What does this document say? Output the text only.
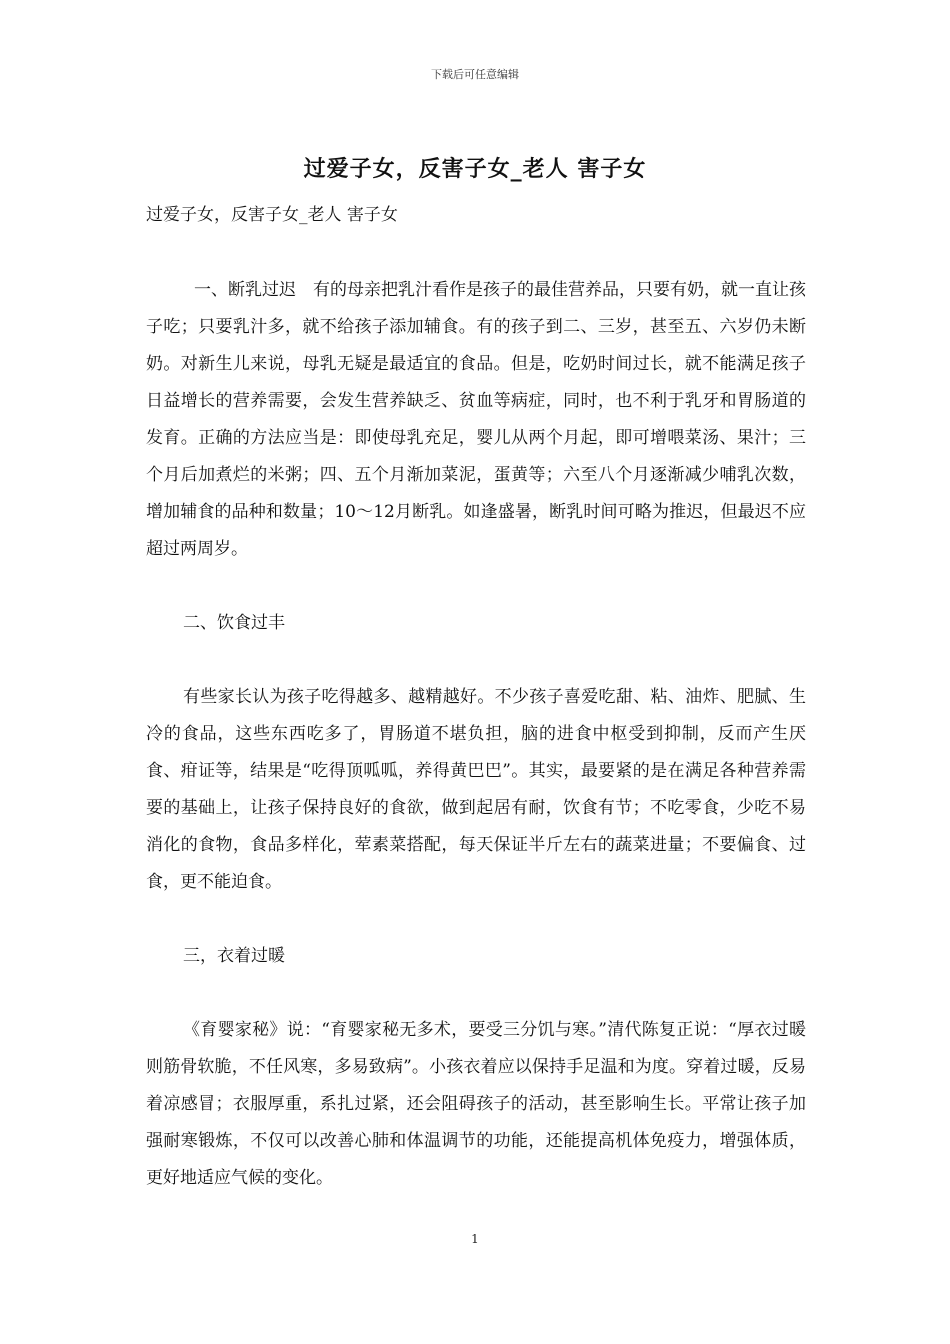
下载后可任意编辑
过爱子女，反害子女_老人 害子女

过爱子女，反害子女_老人 害子女

一、断乳过迟　有的母亲把乳汁看作是孩子的最佳营养品，只要有奶，就一直让孩子吃；只要乳汁多，就不给孩子添加辅食。有的孩子到二、三岁，甚至五、六岁仍未断奶。对新生儿来说，母乳无疑是最适宜的食品。但是，吃奶时间过长，就不能满足孩子日益增长的营养需要，会发生营养缺乏、贫血等病症，同时，也不利于乳牙和胃肠道的发育。正确的方法应当是：即使母乳充足，婴儿从两个月起，即可增喂菜汤、果汁；三个月后加煮烂的米粥；四、五个月渐加菜泥，蛋黄等；六至八个月逐渐减少哺乳次数，增加辅食的品种和数量；10～12月断乳。如逢盛暑，断乳时间可略为推迟，但最迟不应超过两周岁。

二、饮食过丰

有些家长认为孩子吃得越多、越精越好。不少孩子喜爱吃甜、粘、油炸、肥腻、生冷的食品，这些东西吃多了，胃肠道不堪负担，脑的进食中枢受到抑制，反而产生厌食、疳证等，结果是“吃得顶呱呱，养得黄巴巴”。其实，最要紧的是在满足各种营养需要的基础上，让孩子保持良好的食欲，做到起居有耐，饮食有节；不吃零食，少吃不易消化的食物，食品多样化，荤素菜搭配，每天保证半斤左右的蔬菜进量；不要偏食、过食，更不能迫食。

三，衣着过暖

《育婴家秘》说：“育婴家秘无多术，要受三分饥与寒。”清代陈复正说：“厚衣过暖则筋骨软脆，不任风寒，多易致病”。小孩衣着应以保持手足温和为度。穿着过暖，反易着凉感冒；衣服厚重，系扎过紧，还会阻碍孩子的活动，甚至影响生长。平常让孩子加强耐寒锻炼，不仅可以改善心肺和体温调节的功能，还能提高机体免疫力，增强体质，更好地适应气候的变化。

1
